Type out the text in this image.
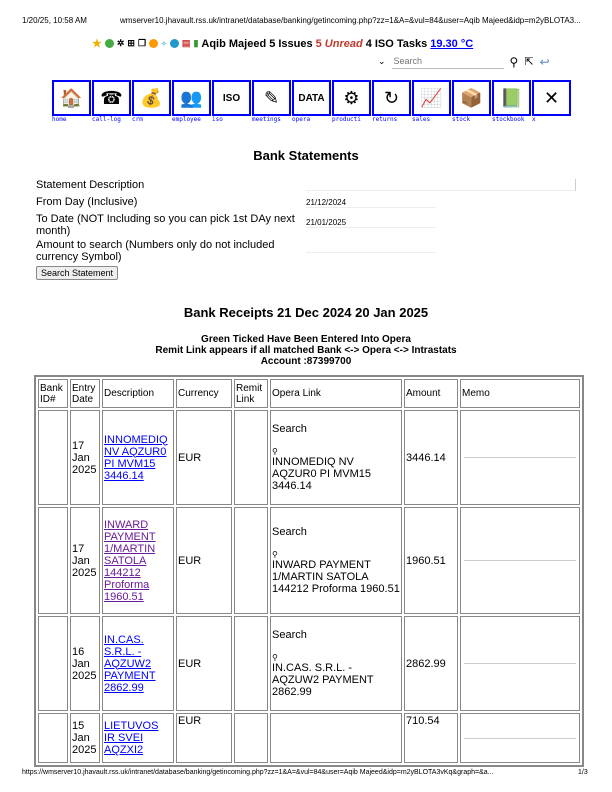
1/20/25, 10:58 AM	wmserver10.jhavault.rss.uk/intranet/database/banking/getincoming.php?zz=1&A=&vul=84&user=Aqib Majeed&idp=m2yBLOTA3...
★ ✲ ⊞ ❐ ✧ ▤ ▮ Aqib Majeed 5 Issues 5 Unread 4 ISO Tasks 19.30 °C
⌄
Search	⚲ ⇱ ↩
🏠
home
☎
call-log
💰
crm
👥
employee
ISO
iso
✎
meetings
DATA
opera
⚙
producti
↻
returns
📈
sales
📦
stock
📗
stockbook
✕
x
Bank Statements
Statement Description
From Day (Inclusive)	21/12/2024
To Date (NOT Including so you can pick 1st DAy next month)
21/01/2025
Amount to search (Numbers only do not included currency Symbol)
Search Statement
Bank Receipts 21 Dec 2024 20 Jan 2025
Green Ticked Have Been Entered Into Opera
Remit Link appears if all matched Bank <-> Opera <-> Intrastats
Account :87399700
Bank ID#	Entry Date	Description	Currency	Remit Link	Opera Link	Amount	Memo
	17 Jan 2025	INNOMEDIQ NV AQZUR0 PI MVM15 3446.14	EUR		Search
⚲
INNOMEDIQ NV AQZUR0 PI MVM15 3446.14	3446.14	

	17 Jan 2025	INWARD PAYMENT 1/MARTIN SATOLA 144212 Proforma 1960.51	EUR		Search
⚲
INWARD PAYMENT 1/MARTIN SATOLA 144212 Proforma 1960.51	1960.51	

	16 Jan 2025	IN.CAS. S.R.L. - AQZUW2 PAYMENT 2862.99	EUR		Search
⚲
IN.CAS. S.R.L. - AQZUW2 PAYMENT 2862.99	2862.99	

	15 Jan 2025	LIETUVOS IR SVEI AQZXI2	EUR			710.54	
https://wmserver10.jhavault.rss.uk/intranet/database/banking/getincoming.php?zz=1&A=&vul=84&user=Aqib Majeed&idp=m2yBLOTA3vKq&graph=&a...	1/3
